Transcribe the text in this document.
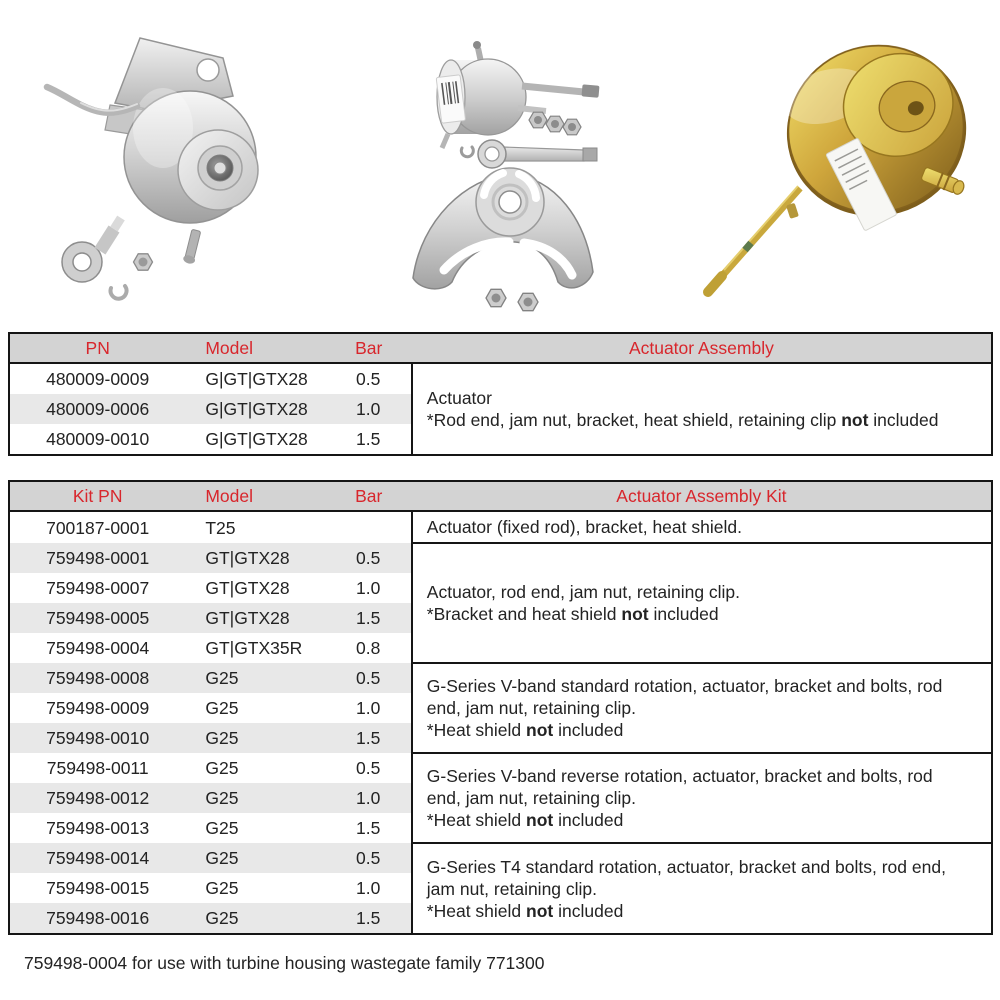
PN	Model	Bar	Actuator Assembly
480009-0009	G|GT|GTX28	0.5	Actuator
*Rod end, jam nut, bracket, heat shield, retaining clip not included

480009-0006	G|GT|GTX28	1.0	
480009-0010	G|GT|GTX28	1.5	
Kit PN	Model	Bar	Actuator Assembly Kit
700187-0001	T25		Actuator (fixed rod), bracket, heat shield.

759498-0001	GT|GTX28	0.5	Actuator, rod end, jam nut, retaining clip.
*Bracket and heat shield not included

759498-0007	GT|GTX28	1.0	
759498-0005	GT|GTX28	1.5	
759498-0004	GT|GTX35R	0.8	
759498-0008	G25	0.5	G-Series V-band standard rotation, actuator, bracket and bolts, rod end, jam nut, retaining clip.
*Heat shield not included

759498-0009	G25	1.0	
759498-0010	G25	1.5	
759498-0011	G25	0.5	G-Series V-band reverse rotation, actuator, bracket and bolts, rod end, jam nut, retaining clip.
*Heat shield not included

759498-0012	G25	1.0	
759498-0013	G25	1.5	
759498-0014	G25	0.5	G-Series T4 standard rotation, actuator, bracket and bolts, rod end, jam nut, retaining clip.
*Heat shield not included

759498-0015	G25	1.0	
759498-0016	G25	1.5	
759498-0004 for use with turbine housing wastegate family 771300
